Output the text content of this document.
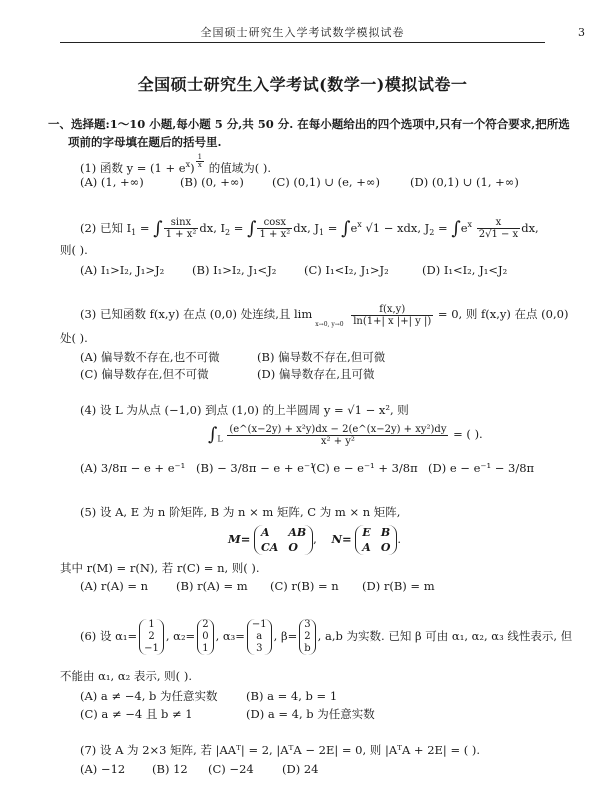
全国硕士研究生入学考试数学模拟试卷	3
全国硕士研究生入学考试(数学一)模拟试卷一
一、选择题:1～10 小题,每小题 5 分,共 50 分. 在每小题给出的四个选项中,只有一个符合要求,把所选
项前的字母填在题后的括号里.
(1) 函数 $y = (1 + e^x) \frac{1}{x}$ 的值域为( ).
(A) (1, +∞)	(B) (0, +∞) (C) (0,1) ∪ (e, +∞)	(D) (0,1) ∪ (1, +∞)
(2) 已知 $I_1$ = ∫ $\frac{\sin x}{\text{1 + x²}}$ dx, $I_2$ = ∫ $\frac{\cos x}{\text{1 + x²}}$ dx, $J_1 = \int e^x$ √1 − xdx, $J_2 = \int e^x \frac{x}{2√1 - x}$ dx,
则( ).
(A) I₁>I₂, J₁>J₂ (B) I₁>I₂, J₁<J₂ (C) I₁<I₂, J₁>J₂	(D) I₁<I₂, J₁<J₂
(3) 已知函数 f(x,y) 在点 (0,0) 处连续,且 lim
x→0, y→0
$\frac{f(x,y)}{\ln(1+| x |+| y |)} = 0$, 则 f(x,y) 在点 (0,0)
处( ).
(A) 偏导数不存在,也不可微	(B) 偏导数不存在,但可微
(C) 偏导数存在,但不可微	(D) 偏导数存在,且可微
(4) 设 L 为从点 (−1,0) 到点 (1,0) 的上半圆周 y = √1 − x², 则
$\int_L \frac{\text{(e\textasciicircum{}(x−2y) + x²y)dx − 2(e\textasciicircum{}(x−2y) + xy²)dy}}{\text{x² + y²}}$ = ( ).
(A) 3/8π − e + e⁻¹ (B) − 3/8π − e + e⁻¹
(C) e − e⁻¹ + 3/8π (D) e − e⁻¹ − 3/8π
(5) 设 A, E 为 n 阶矩阵, B 为 n × m 矩阵, C 为 m × n 矩阵,
M= A	AB
CA O
,    N= E B
A O
.
其中 r(M) = r(N), 若 r(C) = n, 则( ).
(A) r(A) = n (B) r(A) = m (C) r(B) = n (D) r(B) = m
(6) 设 α₁=
1
2
−1
, α₂=
2
0
1
, α₃=
−1
a
3
, β=
3
2
b
, a,b 为实数. 已知 β 可由 α₁, α₂, α₃ 线性表示, 但
不能由 α₁, α₂ 表示, 则( ).
(A) a ≠ −4, b 为任意实数 (B) a = 4, b = 1
(C) a ≠ −4 且 b ≠ 1	(D) a = 4, b 为任意实数
(7) 设 A 为 2×3 矩阵, 若 |AAᵀ| = 2, |AᵀA − 2E| = 0, 则 |AᵀA + 2E| = ( ).
(A) −12 (B) 12 (C) −24 (D) 24
